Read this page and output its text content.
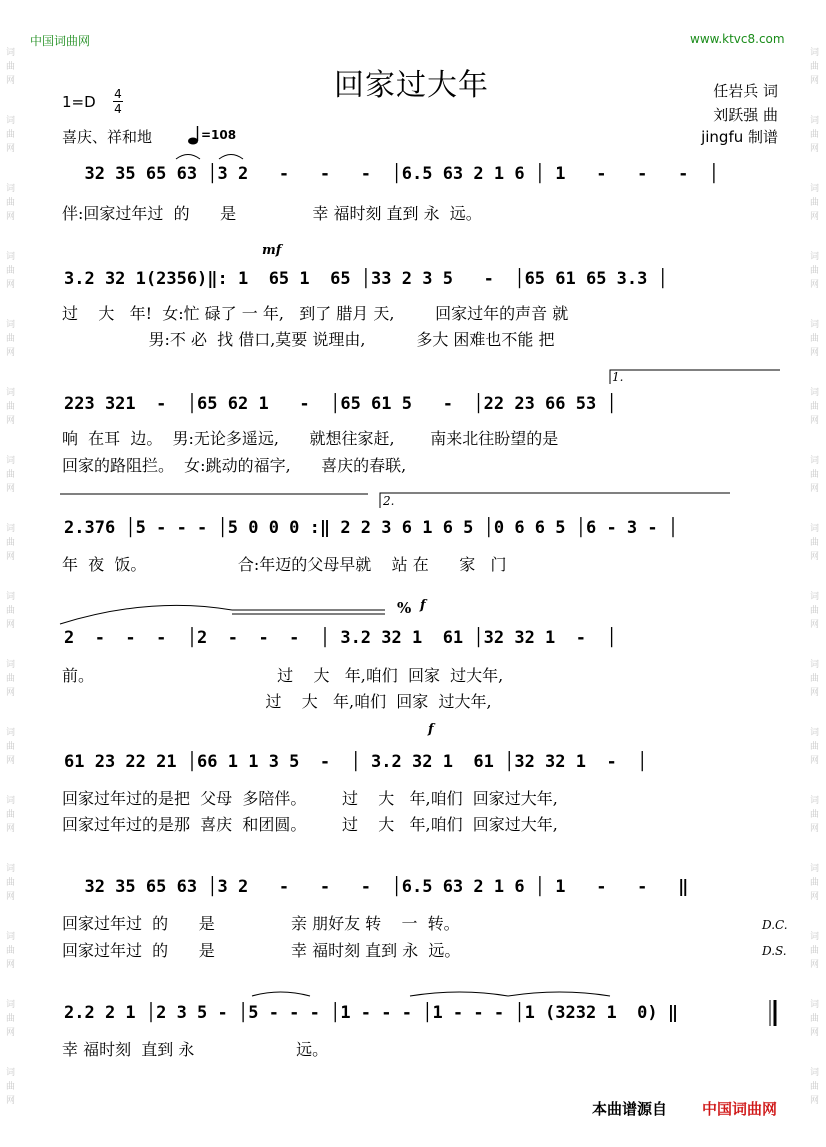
词
曲
网
词
曲
网
词
曲
网
词
曲
网
词
曲
网
词
曲
网
词
曲
网
词
曲
网
词
曲
网
词
曲
网
词
曲
网
词
曲
网
词
曲
网
词
曲
网
词
曲
网
词
曲
网
词
曲
网
词
曲
网
词
曲
网
词
曲
网
词
曲
网
词
曲
网
词
曲
网
词
曲
网
词
曲
网
词
曲
网
词
曲
网
词
曲
网
词
曲
网
词
曲
网
词
曲
网
词
曲
网
中国词曲网	www.ktvc8.com
回家过大年
$1=D \frac{4}{4}$
喜庆、祥和地	=108
任岩兵 词
刘跃强 曲
jingfu 制谱
32 35 65 63 │3 2   -   -   -  │6.5 63 2 1 6 │ 1   -   -   -  │
伴:回家过年过  的      是               幸 福时刻 直到 永  远。
3.2 32 1(2356)‖: 1  65 1  65 │33 2 3 5   -  │65 61 65 3.3 │
过    大   年!  女:忙 碌了 一 年,   到了 腊月 天,        回家过年的声音 就
男:不 必  找 借口,莫要 说理由,          多大 困难也不能 把
223 321  -  │65 62 1   -  │65 61 5   -  │22 23 66 53 │
响  在耳  边。  男:无论多遥远,      就想往家赶,       南来北往盼望的是
回家的路阻拦。  女:跳动的福字,      喜庆的春联,
2.376 │5 - - - │5 0 0 0 :‖ 2 2 3 6 1 6 5 │0 6 6 5 │6 - 3 - │
年  夜  饭。                  合:年迈的父母早就    站 在      家   门
2  -  -  -  │2  -  -  -  │ 3.2 32 1  61 │32 32 1  -  │
前。                                    过    大   年,咱们  回家  过大年,
过    大   年,咱们  回家  过大年,
61 23 22 21 │66 1 1 3 5  -  │ 3.2 32 1  61 │32 32 1  -  │
回家过年过的是把  父母  多陪伴。       过    大   年,咱们  回家过大年,
回家过年过的是那  喜庆  和团圆。       过    大   年,咱们  回家过大年,
32 35 65 63 │3 2   -   -   -  │6.5 63 2 1 6 │ 1   -   -   ‖
回家过年过  的      是               亲 朋好友 转    一  转。
回家过年过  的      是               幸 福时刻 直到 永  远。
2.2 2 1 │2 3 5 - │5 - - - │1 - - - │1 - - - │1 (3232 1  0) ‖
幸 福时刻  直到 永                    远。
mf
f
f
%
1.
2.
D.C.
D.S.
本曲谱源自 中国词曲网
